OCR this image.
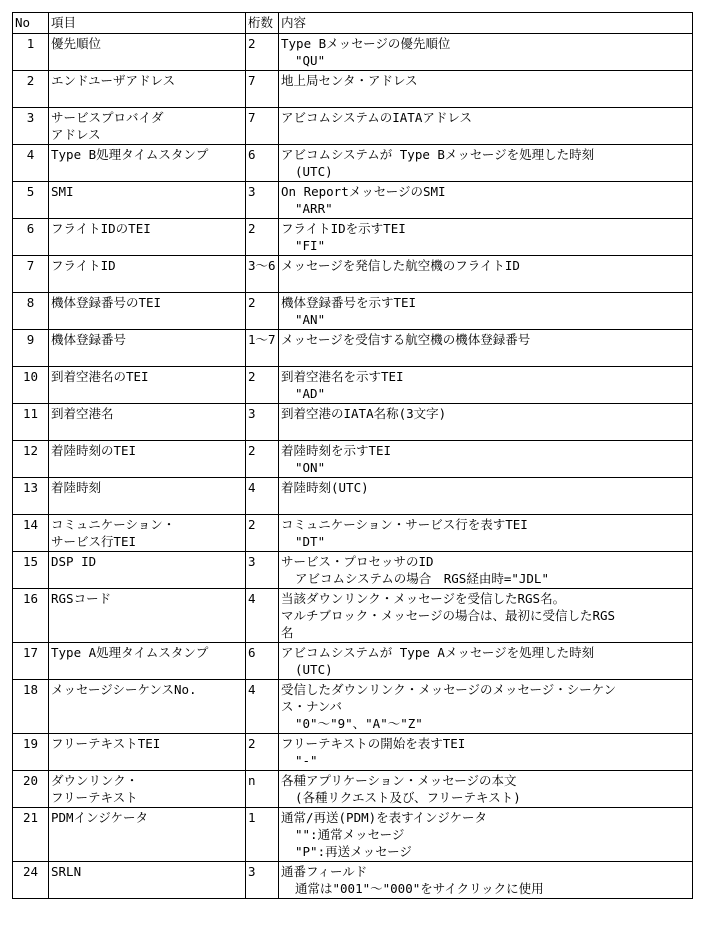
No	項目	桁数	内容
1	優先順位	2	Type Bメッセージの優先順位
"QU"

2	エンドユーザアドレス	7	地上局センタ・アドレス

3	サービスプロバイダ
アドレス	7	アビコムシステムのIATAアドレス

4	Type B処理タイムスタンプ	6	アビコムシステムが Type Bメッセージを処理した時刻
(UTC)

5	SMI	3	On ReportメッセージのSMI
"ARR"

6	フライトIDのTEI	2	フライトIDを示すTEI
"FI"

7	フライトID	3～6	メッセージを発信した航空機のフライトID

8	機体登録番号のTEI	2	機体登録番号を示すTEI
"AN"

9	機体登録番号	1～7	メッセージを受信する航空機の機体登録番号

10	到着空港名のTEI	2	到着空港名を示すTEI
"AD"

11	到着空港名	3	到着空港のIATA名称(3文字)

12	着陸時刻のTEI	2	着陸時刻を示すTEI
"ON"

13	着陸時刻	4	着陸時刻(UTC)

14	コミュニケーション・
サービス行TEI	2	コミュニケーション・サービス行を表すTEI
"DT"

15	DSP ID	3	サービス・プロセッサのID
アビコムシステムの場合　RGS経由時="JDL"

16	RGSコード	4	当該ダウンリンク・メッセージを受信したRGS名。
マルチブロック・メッセージの場合は、最初に受信したRGS
名

17	Type A処理タイムスタンプ	6	アビコムシステムが Type Aメッセージを処理した時刻
(UTC)

18	メッセージシーケンスNo.	4	受信したダウンリンク・メッセージのメッセージ・シーケン
ス・ナンバ
"0"～"9"、"A"～"Z"

19	フリーテキストTEI	2	フリーテキストの開始を表すTEI
"-"

20	ダウンリンク・
フリーテキスト	n	各種アプリケーション・メッセージの本文
(各種リクエスト及び、フリーテキスト)

21	PDMインジケータ	1	通常/再送(PDM)を表すインジケータ
"":通常メッセージ
"P":再送メッセージ

24	SRLN	3	通番フィールド
通常は"001"～"000"をサイクリックに使用
